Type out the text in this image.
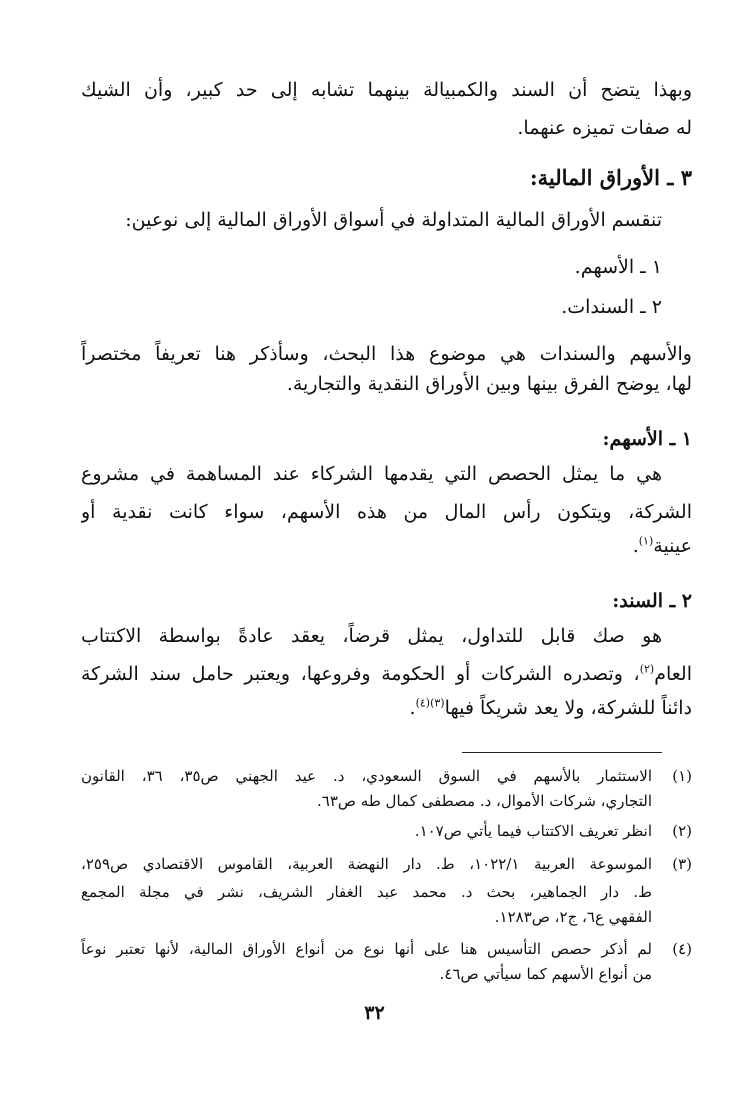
وبهذا يتضح أن السند والكمبيالة بينهما تشابه إلى حد كبير، وأن الشيك
له صفات تميزه عنهما.
٣ ـ الأوراق المالية:
تنقسم الأوراق المالية المتداولة في أسواق الأوراق المالية إلى نوعين:
١ ـ الأسهم.
٢ ـ السندات.
والأسهم والسندات هي موضوع هذا البحث، وسأذكر هنا تعريفاً مختصراً
لها، يوضح الفرق بينها وبين الأوراق النقدية والتجارية.
١ ـ الأسهم:
هي ما يمثل الحصص التي يقدمها الشركاء عند المساهمة في مشروع
الشركة، ويتكون رأس المال من هذه الأسهم، سواء كانت نقدية أو
عينية$^{(١)}$.
٢ ـ السند:
هو صك قابل للتداول، يمثل قرضاً، يعقد عادةً بواسطة الاكتتاب
العام$^{(٢)}$، وتصدره الشركات أو الحكومة وفروعها، ويعتبر حامل سند الشركة
دائناً للشركة، ولا يعد شريكاً فيها$^{(٣)(٤)}$.
(١)
الاستثمار بالأسهم في السوق السعودي، د. عيد الجهني ص٣٥، ٣٦، القانون
التجاري، شركات الأموال، د. مصطفى كمال طه ص٦٣.
(٢)
انظر تعريف الاكتتاب فيما يأتي ص١٠٧.
(٣)
الموسوعة العربية ١٠٢٢/١، ط. دار النهضة العربية، القاموس الاقتصادي ص٢٥٩،
ط. دار الجماهير، بحث د. محمد عبد الغفار الشريف، نشر في مجلة المجمع
الفقهي ع٦، ج٢، ص١٢٨٣.
(٤)
لم أذكر حصص التأسيس هنا على أنها نوع من أنواع الأوراق المالية، لأنها تعتبر نوعاً
من أنواع الأسهم كما سيأتي ص٤٦.
٣٢
